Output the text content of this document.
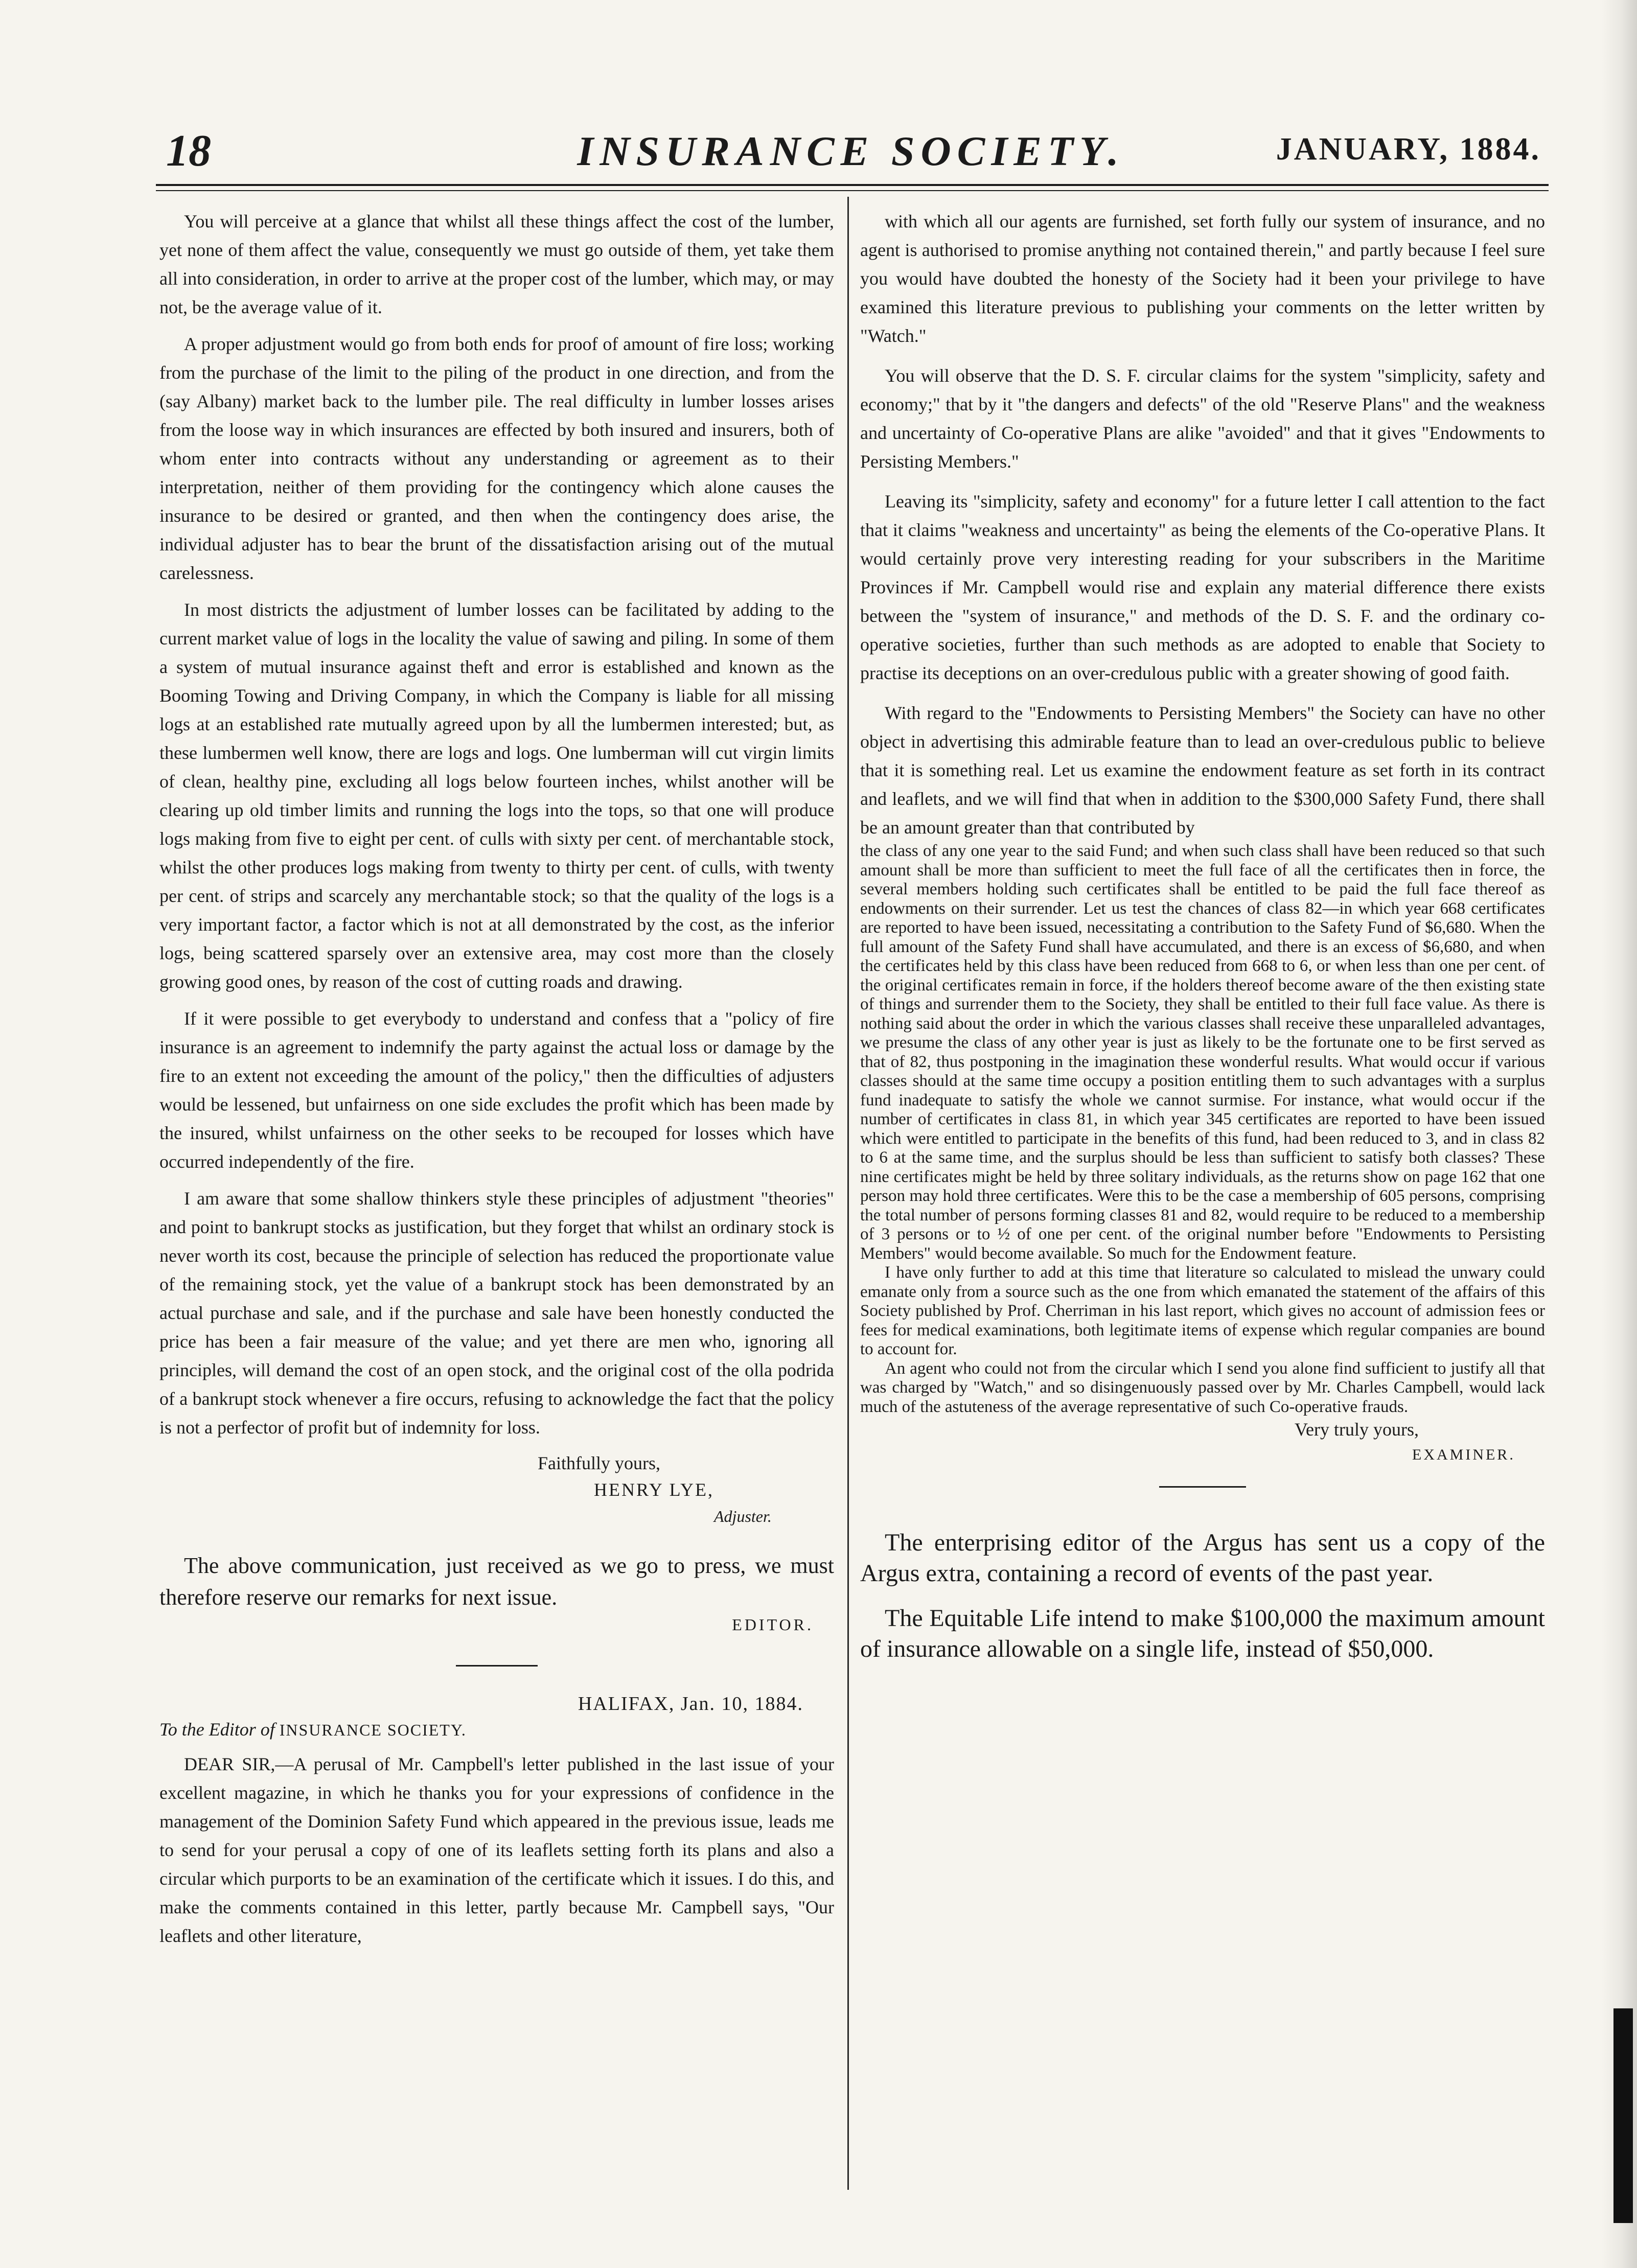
18	INSURANCE SOCIETY.	JANUARY, 1884.

You will perceive at a glance that whilst all these things affect the cost of the lumber, yet none of them affect the value, consequently we must go outside of them, yet take them all into consideration, in order to arrive at the proper cost of the lumber, which may, or may not, be the average value of it.

A proper adjustment would go from both ends for proof of amount of fire loss; working from the purchase of the limit to the piling of the product in one direction, and from the (say Albany) market back to the lumber pile. The real difficulty in lumber losses arises from the loose way in which insurances are effected by both insured and insurers, both of whom enter into contracts without any understanding or agreement as to their interpretation, neither of them providing for the contingency which alone causes the insurance to be desired or granted, and then when the contingency does arise, the individual adjuster has to bear the brunt of the dissatisfaction arising out of the mutual carelessness.

In most districts the adjustment of lumber losses can be facilitated by adding to the current market value of logs in the locality the value of sawing and piling. In some of them a system of mutual insurance against theft and error is established and known as the Booming Towing and Driving Company, in which the Company is liable for all missing logs at an established rate mutually agreed upon by all the lumbermen interested; but, as these lumbermen well know, there are logs and logs. One lumberman will cut virgin limits of clean, healthy pine, excluding all logs below fourteen inches, whilst another will be clearing up old timber limits and running the logs into the tops, so that one will produce logs making from five to eight per cent. of culls with sixty per cent. of merchantable stock, whilst the other produces logs making from twenty to thirty per cent. of culls, with twenty per cent. of strips and scarcely any merchantable stock; so that the quality of the logs is a very important factor, a factor which is not at all demonstrated by the cost, as the inferior logs, being scattered sparsely over an extensive area, may cost more than the closely growing good ones, by reason of the cost of cutting roads and drawing.

If it were possible to get everybody to understand and confess that a "policy of fire insurance is an agreement to indemnify the party against the actual loss or damage by the fire to an extent not exceeding the amount of the policy," then the difficulties of adjusters would be lessened, but unfairness on one side excludes the profit which has been made by the insured, whilst unfairness on the other seeks to be recouped for losses which have occurred independently of the fire.

I am aware that some shallow thinkers style these principles of adjustment "theories" and point to bankrupt stocks as justification, but they forget that whilst an ordinary stock is never worth its cost, because the principle of selection has reduced the proportionate value of the remaining stock, yet the value of a bankrupt stock has been demonstrated by an actual purchase and sale, and if the purchase and sale have been honestly conducted the price has been a fair measure of the value; and yet there are men who, ignoring all principles, will demand the cost of an open stock, and the original cost of the olla podrida of a bankrupt stock whenever a fire occurs, refusing to acknowledge the fact that the policy is not a perfector of profit but of indemnity for loss.

Faithfully yours,
HENRY LYE,
Adjuster.

The above communication, just received as we go to press, we must therefore reserve our remarks for next issue.

EDITOR.
HALIFAX, Jan. 10, 1884.
To the Editor of INSURANCE SOCIETY.

DEAR SIR,—A perusal of Mr. Campbell's letter published in the last issue of your excellent magazine, in which he thanks you for your expressions of confidence in the management of the Dominion Safety Fund which appeared in the previous issue, leads me to send for your perusal a copy of one of its leaflets setting forth its plans and also a circular which purports to be an examination of the certificate which it issues. I do this, and make the comments contained in this letter, partly because Mr. Campbell says, "Our leaflets and other literature,

with which all our agents are furnished, set forth fully our system of insurance, and no agent is authorised to promise anything not contained therein," and partly because I feel sure you would have doubted the honesty of the Society had it been your privilege to have examined this literature previous to publishing your comments on the letter written by "Watch."

You will observe that the D. S. F. circular claims for the system "simplicity, safety and economy;" that by it "the dangers and defects" of the old "Reserve Plans" and the weakness and uncertainty of Co-operative Plans are alike "avoided" and that it gives "Endowments to Persisting Members."

Leaving its "simplicity, safety and economy" for a future letter I call attention to the fact that it claims "weakness and uncertainty" as being the elements of the Co-operative Plans. It would certainly prove very interesting reading for your subscribers in the Maritime Provinces if Mr. Campbell would rise and explain any material difference there exists between the "system of insurance," and methods of the D. S. F. and the ordinary co-operative societies, further than such methods as are adopted to enable that Society to practise its deceptions on an over-credulous public with a greater showing of good faith.

With regard to the "Endowments to Persisting Members" the Society can have no other object in advertising this admirable feature than to lead an over-credulous public to believe that it is something real. Let us examine the endowment feature as set forth in its contract and leaflets, and we will find that when in addition to the $300,000 Safety Fund, there shall be an amount greater than that contributed by

the class of any one year to the said Fund; and when such class shall have been reduced so that such amount shall be more than sufficient to meet the full face of all the certificates then in force, the several members holding such certificates shall be entitled to be paid the full face thereof as endowments on their surrender. Let us test the chances of class 82—in which year 668 certificates are reported to have been issued, necessitating a contribution to the Safety Fund of $6,680. When the full amount of the Safety Fund shall have accumulated, and there is an excess of $6,680, and when the certificates held by this class have been reduced from 668 to 6, or when less than one per cent. of the original certificates remain in force, if the holders thereof become aware of the then existing state of things and surrender them to the Society, they shall be entitled to their full face value. As there is nothing said about the order in which the various classes shall receive these unparalleled advantages, we presume the class of any other year is just as likely to be the fortunate one to be first served as that of 82, thus postponing in the imagination these wonderful results. What would occur if various classes should at the same time occupy a position entitling them to such advantages with a surplus fund inadequate to satisfy the whole we cannot surmise. For instance, what would occur if the number of certificates in class 81, in which year 345 certificates are reported to have been issued which were entitled to participate in the benefits of this fund, had been reduced to 3, and in class 82 to 6 at the same time, and the surplus should be less than sufficient to satisfy both classes? These nine certificates might be held by three solitary individuals, as the returns show on page 162 that one person may hold three certificates. Were this to be the case a membership of 605 persons, comprising the total number of persons forming classes 81 and 82, would require to be reduced to a membership of 3 persons or to ½ of one per cent. of the original number before "Endowments to Persisting Members" would become available. So much for the Endowment feature.

I have only further to add at this time that literature so calculated to mislead the unwary could emanate only from a source such as the one from which emanated the statement of the affairs of this Society published by Prof. Cherriman in his last report, which gives no account of admission fees or fees for medical examinations, both legitimate items of expense which regular companies are bound to account for.

An agent who could not from the circular which I send you alone find sufficient to justify all that was charged by "Watch," and so disingenuously passed over by Mr. Charles Campbell, would lack much of the astuteness of the average representative of such Co-operative frauds.

Very truly yours,
EXAMINER.

The enterprising editor of the Argus has sent us a copy of the Argus extra, containing a record of events of the past year.

The Equitable Life intend to make $100,000 the maximum amount of insurance allowable on a single life, instead of $50,000.
